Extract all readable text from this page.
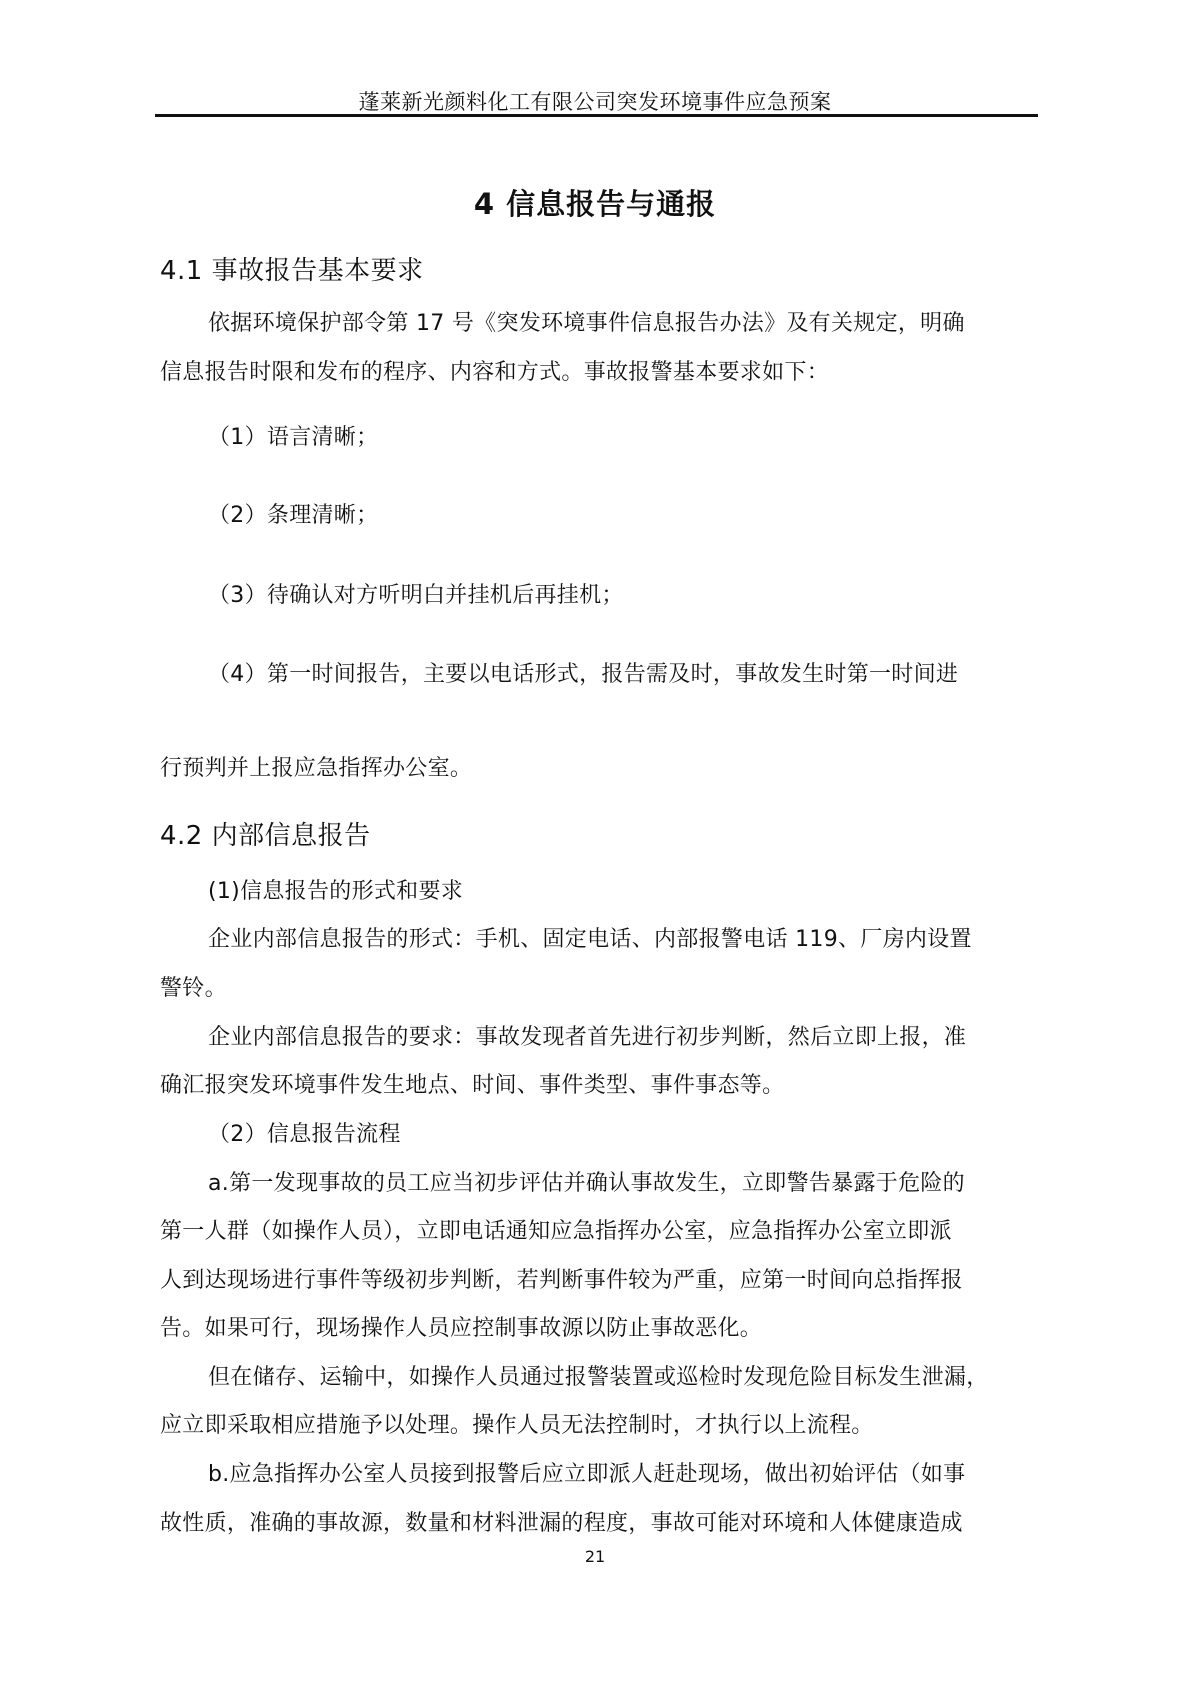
蓬莱新光颜料化工有限公司突发环境事件应急预案
4 信息报告与通报
4.1 事故报告基本要求
依据环境保护部令第 17 号《突发环境事件信息报告办法》及有关规定，明确
信息报告时限和发布的程序、内容和方式。事故报警基本要求如下：
（1）语言清晰；
（2）条理清晰；
（3）待确认对方听明白并挂机后再挂机；
（4）第一时间报告，主要以电话形式，报告需及时，事故发生时第一时间进
行预判并上报应急指挥办公室。
4.2 内部信息报告
(1)信息报告的形式和要求
企业内部信息报告的形式：手机、固定电话、内部报警电话 119、厂房内设置
警铃。
企业内部信息报告的要求：事故发现者首先进行初步判断，然后立即上报，准
确汇报突发环境事件发生地点、时间、事件类型、事件事态等。
（2）信息报告流程
a.第一发现事故的员工应当初步评估并确认事故发生，立即警告暴露于危险的
第一人群（如操作人员），立即电话通知应急指挥办公室，应急指挥办公室立即派
人到达现场进行事件等级初步判断，若判断事件较为严重，应第一时间向总指挥报
告。如果可行，现场操作人员应控制事故源以防止事故恶化。
但在储存、运输中，如操作人员通过报警装置或巡检时发现危险目标发生泄漏，
应立即采取相应措施予以处理。操作人员无法控制时，才执行以上流程。
b.应急指挥办公室人员接到报警后应立即派人赶赴现场，做出初始评估（如事
故性质，准确的事故源，数量和材料泄漏的程度，事故可能对环境和人体健康造成
21
